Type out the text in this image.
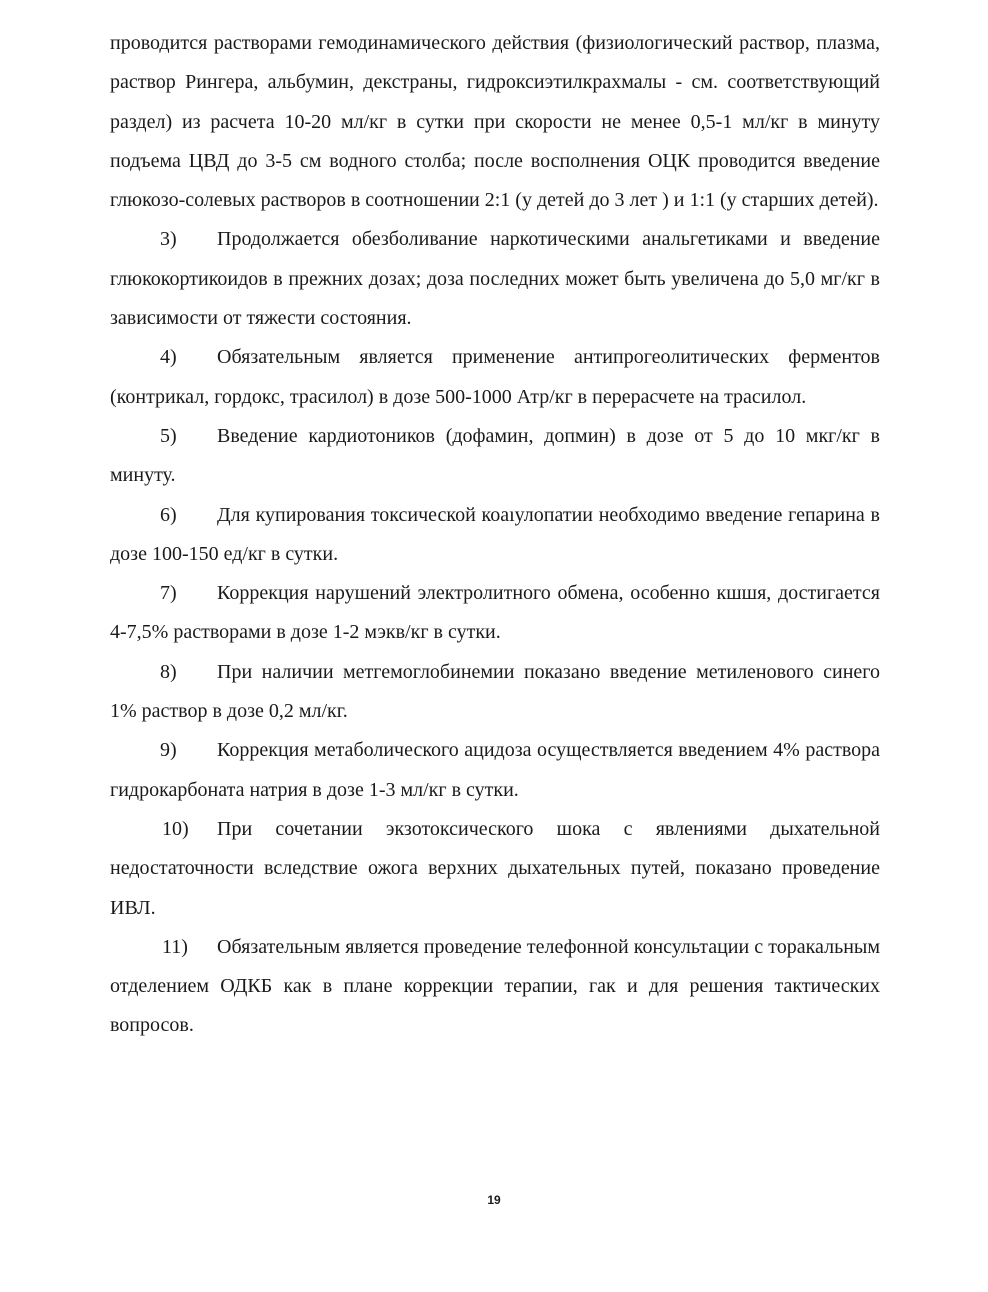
проводится растворами гемодинамического действия (физиологический раствор, плазма, раствор Рингера, альбумин, декстраны, гидроксиэтилкрахмалы - см. соответствующий раздел) из расчета 10-20 мл/кг в сутки при скорости не менее 0,5-1 мл/кг в минуту подъема ЦВД до 3-5 см водного столба; после восполнения ОЦК проводится введение глюкозо-солевых растворов в соотношении 2:1 (у детей до 3 лет ) и 1:1 (у старших детей).

3) Продолжается обезболивание наркотическими анальгетиками и введение глюкокортикоидов в прежних дозах; доза последних может быть увеличена до 5,0 мг/кг в зависимости от тяжести состояния.

4) Обязательным является применение антипрогеолитических ферментов (контрикал, гордокс, трасилол) в дозе 500-1000 Атр/кг в перерасчете на трасилол.

5) Введение кардиотоников (дофамин, допмин) в дозе от 5 до 10 мкг/кг в минуту.

6) Для купирования токсической коаıулопатии необходимо введение гепарина в дозе 100-150 ед/кг в сутки.

7) Коррекция нарушений электролитного обмена, особенно кшшя, достигается 4-7,5% растворами в дозе 1-2 мэкв/кг в сутки.

8) При наличии метгемоглобинемии показано введение метиленового синего 1% раствор в дозе 0,2 мл/кг.

9) Коррекция метаболического ацидоза осуществляется введением 4% раствора гидрокарбоната натрия в дозе 1-3 мл/кг в сутки.

10) При сочетании экзотоксического шока с явлениями дыхательной недостаточности вследствие ожога верхних дыхательных путей, показано проведение ИВЛ.

11) Обязательным является проведение телефонной консультации с торакальным отделением ОДКБ как в плане коррекции терапии, гак и для решения тактических вопросов.

19
